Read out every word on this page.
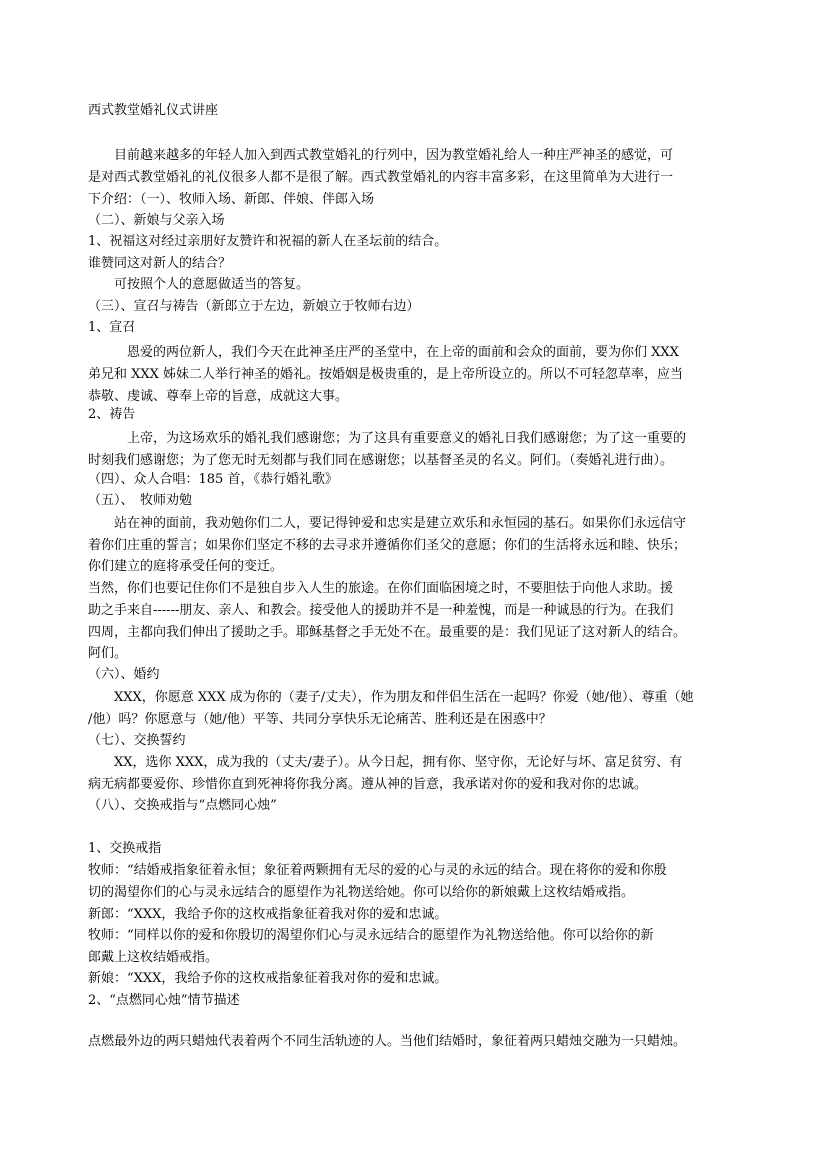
西式教堂婚礼仪式讲座
　　目前越来越多的年轻人加入到西式教堂婚礼的行列中，因为教堂婚礼给人一种庄严神圣的感觉，可
是对西式教堂婚礼的礼仪很多人都不是很了解。西式教堂婚礼的内容丰富多彩，在这里简单为大进行一
下介绍：（一）、牧师入场、新郎、伴娘、伴郎入场
（二）、新娘与父亲入场
1、祝福这对经过亲朋好友赞许和祝福的新人在圣坛前的结合。
谁赞同这对新人的结合？
　　可按照个人的意愿做适当的答复。
（三）、宣召与祷告（新郎立于左边，新娘立于牧师右边）
1、宣召
　　　恩爱的两位新人，我们今天在此神圣庄严的圣堂中，在上帝的面前和会众的面前，要为你们 XXX
弟兄和 XXX 姊妹二人举行神圣的婚礼。按婚姻是极贵重的，是上帝所设立的。所以不可轻忽草率，应当
恭敬、虔诚、尊奉上帝的旨意，成就这大事。
2、祷告
　　　上帝，为这场欢乐的婚礼我们感谢您；为了这具有重要意义的婚礼日我们感谢您；为了这一重要的
时刻我们感谢您；为了您无时无刻都与我们同在感谢您；以基督圣灵的名义。阿们。（奏婚礼进行曲）。
（四）、众人合唱：185 首，《恭行婚礼歌》
（五）、　牧师劝勉
　　站在神的面前，我劝勉你们二人，要记得钟爱和忠实是建立欢乐和永恒园的基石。如果你们永远信守
着你们庄重的誓言；如果你们坚定不移的去寻求并遵循你们圣父的意愿；你们的生活将永远和睦、快乐；
你们建立的庭将承受任何的变迁。
当然，你们也要记住你们不是独自步入人生的旅途。在你们面临困境之时，不要胆怯于向他人求助。援
助之手来自------朋友、亲人、和教会。接受他人的援助并不是一种羞愧，而是一种诚恳的行为。在我们
四周，主都向我们伸出了援助之手。耶稣基督之手无处不在。最重要的是：我们见证了这对新人的结合。
阿们。
（六）、婚约
　　XXX，你愿意 XXX 成为你的（妻子/丈夫），作为朋友和伴侣生活在一起吗？你爱（她/他）、尊重（她
/他）吗？你愿意与（她/他）平等、共同分享快乐无论痛苦、胜利还是在困惑中？
（七）、交换誓约
　　XX，选你 XXX，成为我的（丈夫/妻子）。从今日起，拥有你、坚守你，无论好与坏、富足贫穷、有
病无病都要爱你、珍惜你直到死神将你我分离。遵从神的旨意，我承诺对你的爱和我对你的忠诚。
（八）、交换戒指与“点燃同心烛”
1、交换戒指
牧师：“结婚戒指象征着永恒；象征着两颗拥有无尽的爱的心与灵的永远的结合。现在将你的爱和你殷
切的渴望你们的心与灵永远结合的愿望作为礼物送给她。你可以给你的新娘戴上这枚结婚戒指。
新郎：“XXX，我给予你的这枚戒指象征着我对你的爱和忠诚。
牧师：“同样以你的爱和你殷切的渴望你们心与灵永远结合的愿望作为礼物送给他。你可以给你的新
郎戴上这枚结婚戒指。
新娘：“XXX，我给予你的这枚戒指象征着我对你的爱和忠诚。
2、“点燃同心烛”情节描述
点燃最外边的两只蜡烛代表着两个不同生活轨迹的人。当他们结婚时，象征着两只蜡烛交融为一只蜡烛。
